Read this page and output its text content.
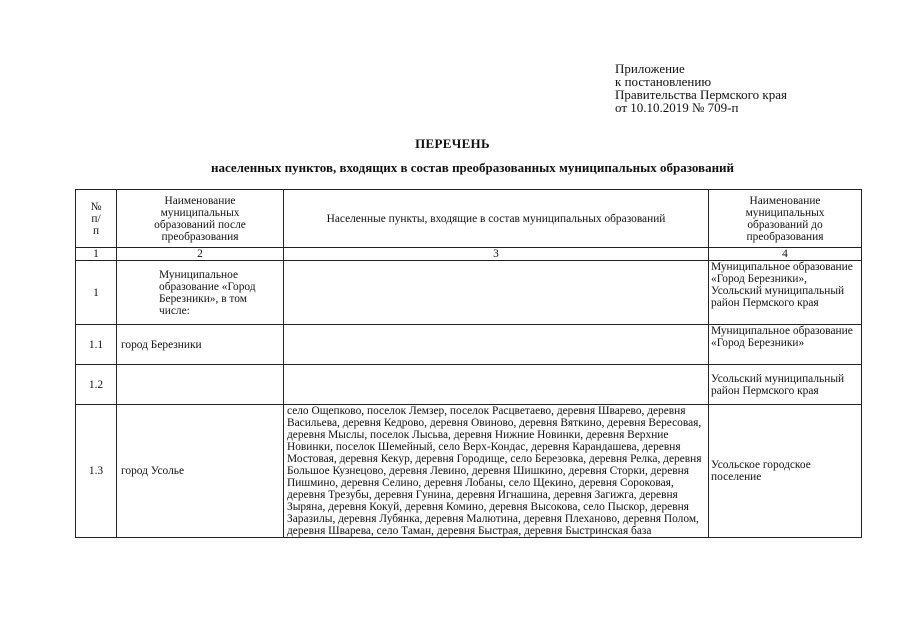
Приложение
к постановлению
Правительства Пермского края
от 10.10.2019 № 709-п
ПЕРЕЧЕНЬ
населенных пунктов, входящих в состав преобразованных муниципальных образований
№ п/п	Наименование муниципальных образований после преобразования	Населенные пункты, входящие в состав муниципальных образований	Наименование муниципальных образований до преобразования
1	2	3	4
1	Муниципальное образование «Город Березники», в том числе:		Муниципальное образование «Город Березники», Усольский муниципальный район Пермского края
1.1	город Березники		Муниципальное образование «Город Березники»
1.2			Усольский муниципальный район Пермского края
1.3	город Усолье	село Ощепково, поселок Лемзер, поселок Расцветаево, деревня Шварево, деревня Васильева, деревня Кедрово, деревня Овиново, деревня Вяткино, деревня Вересовая, деревня Мыслы, поселок Лысьва, деревня Нижние Новинки, деревня Верхние Новинки, поселок Шемейный, село Верх-Кондас, деревня Карандашева, деревня Мостовая, деревня Кекур, деревня Городище, село Березовка, деревня Релка, деревня Большое Кузнецово, деревня Левино, деревня Шишкино, деревня Сторки, деревня Пишмино, деревня Селино, деревня Лобаны, село Щекино, деревня Сороковая, деревня Трезубы, деревня Гунина, деревня Игнашина, деревня Загижга, деревня Зыряна, деревня Кокуй, деревня Комино, деревня Высокова, село Пыскор, деревня Заразилы, деревня Лубянка, деревня Малютина, деревня Плеханово, деревня Полом, деревня Шварева, село Таман, деревня Быстрая, деревня Быстринская база	Усольское городское поселение
